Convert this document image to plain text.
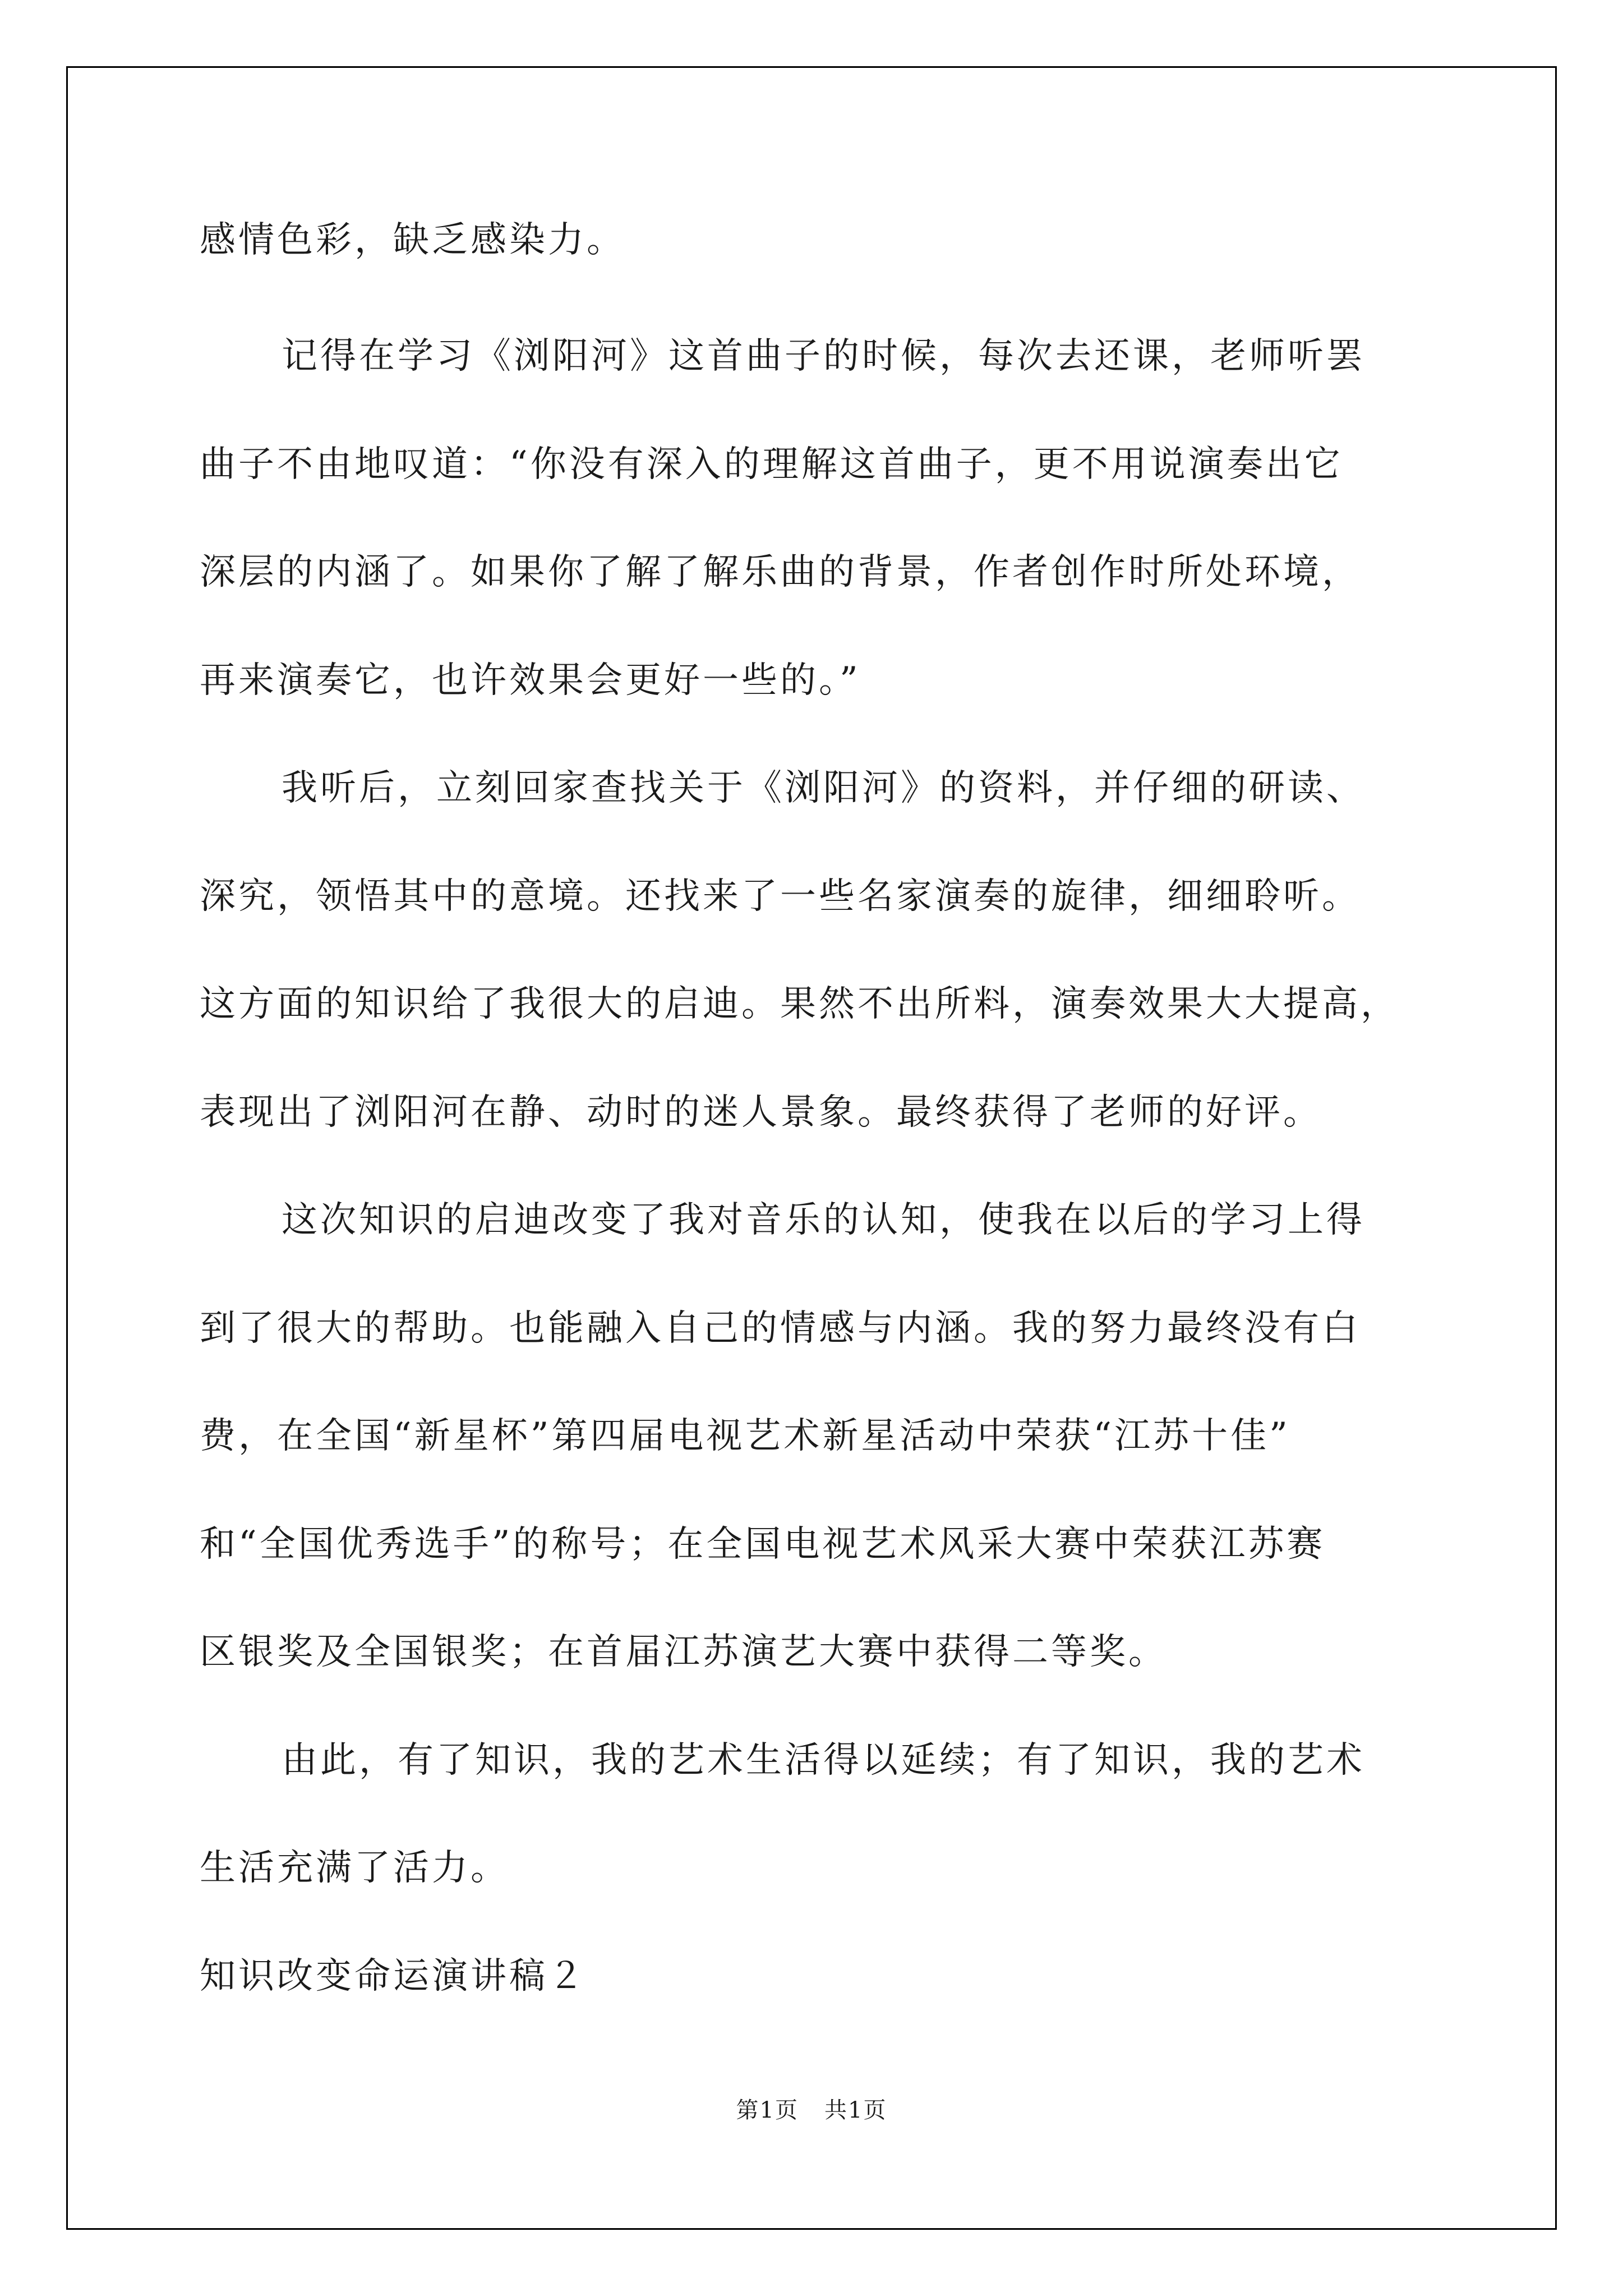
感情色彩，缺乏感染力。
记得在学习《浏阳河》这首曲子的时候，每次去还课，老师听罢
曲子不由地叹道：“你没有深入的理解这首曲子，更不用说演奏出它
深层的内涵了。如果你了解了解乐曲的背景，作者创作时所处环境，
再来演奏它，也许效果会更好一些的。”
我听后，立刻回家查找关于《浏阳河》的资料，并仔细的研读、
深究，领悟其中的意境。还找来了一些名家演奏的旋律，细细聆听。
这方面的知识给了我很大的启迪。果然不出所料，演奏效果大大提高，
表现出了浏阳河在静、动时的迷人景象。最终获得了老师的好评。
这次知识的启迪改变了我对音乐的认知，使我在以后的学习上得
到了很大的帮助。也能融入自己的情感与内涵。我的努力最终没有白
费，在全国“新星杯”第四届电视艺术新星活动中荣获“江苏十佳”
和“全国优秀选手”的称号；在全国电视艺术风采大赛中荣获江苏赛
区银奖及全国银奖；在首届江苏演艺大赛中获得二等奖。
由此，有了知识，我的艺术生活得以延续；有了知识，我的艺术
生活充满了活力。
知识改变命运演讲稿２
第1页 共1页
